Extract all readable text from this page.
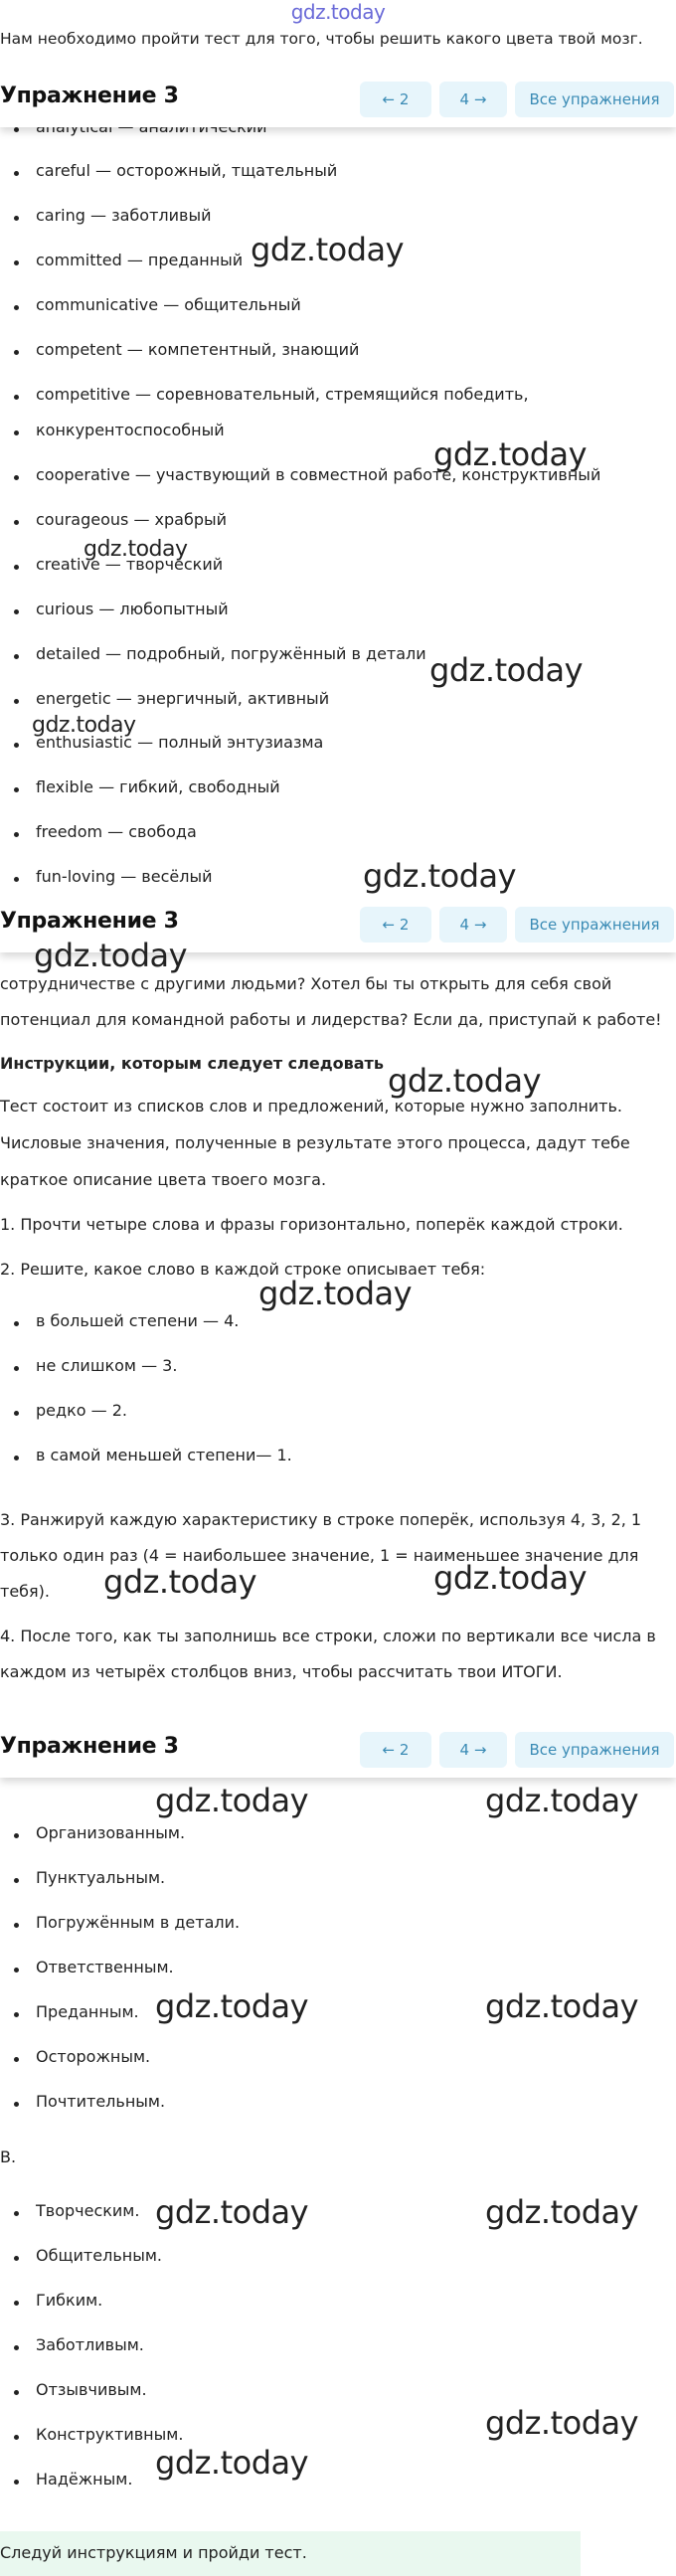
gdz.today
Нам необходимо пройти тест для того, чтобы решить какого цвета твой мозг.
Упражнение 3	← 2	4 →	Все упражнения
careful — осторожный, тщательный
caring — заботливый
committed — преданный
communicative — общительный
competent — компетентный, знающий
competitive — соревновательный, стремящийся победить,
конкурентоспособный
cooperative — участвующий в совместной работе, конструктивный
courageous — храбрый
creative — творческий
curious — любопытный
detailed — подробный, погружённый в детали
energetic — энергичный, активный
enthusiastic — полный энтузиазма
flexible — гибкий, свободный
freedom — свобода
fun-loving — весёлый
Упражнение 3	← 2	4 →	Все упражнения
сотрудничестве с другими людьми? Хотел бы ты открыть для себя свой
потенциал для командной работы и лидерства? Если да, приступай к работе!
Инструкции, которым следует следовать
Тест состоит из списков слов и предложений, которые нужно заполнить.
Числовые значения, полученные в результате этого процесса, дадут тебе
краткое описание цвета твоего мозга.
1. Прочти четыре слова и фразы горизонтально, поперёк каждой строки.
2. Решите, какое слово в каждой строке описывает тебя:
в большей степени — 4.
не слишком — 3.
редко — 2.
в самой меньшей степени— 1.
3. Ранжируй каждую характеристику в строке поперёк, используя 4, 3, 2, 1
только один раз (4 = наибольшее значение, 1 = наименьшее значение для
тебя).
4. После того, как ты заполнишь все строки, сложи по вертикали все числа в
каждом из четырёх столбцов вниз, чтобы рассчитать твои ИТОГИ.
Упражнение 3	← 2	4 →	Все упражнения
Организованным.
Пунктуальным.
Погружённым в детали.
Ответственным.
Преданным.
Осторожным.
Почтительным.
В.
Творческим.
Общительным.
Гибким.
Заботливым.
Отзывчивым.
Конструктивным.
Надёжным.
Следуй инструкциям и пройди тест.
gdz.today
gdz.today
gdz.today
gdz.today
gdz.today
gdz.today
gdz.today
gdz.today
gdz.today
gdz.today	gdz.today
gdz.today	gdz.today
gdz.today	gdz.today
gdz.today	gdz.today
gdz.today
gdz.today
